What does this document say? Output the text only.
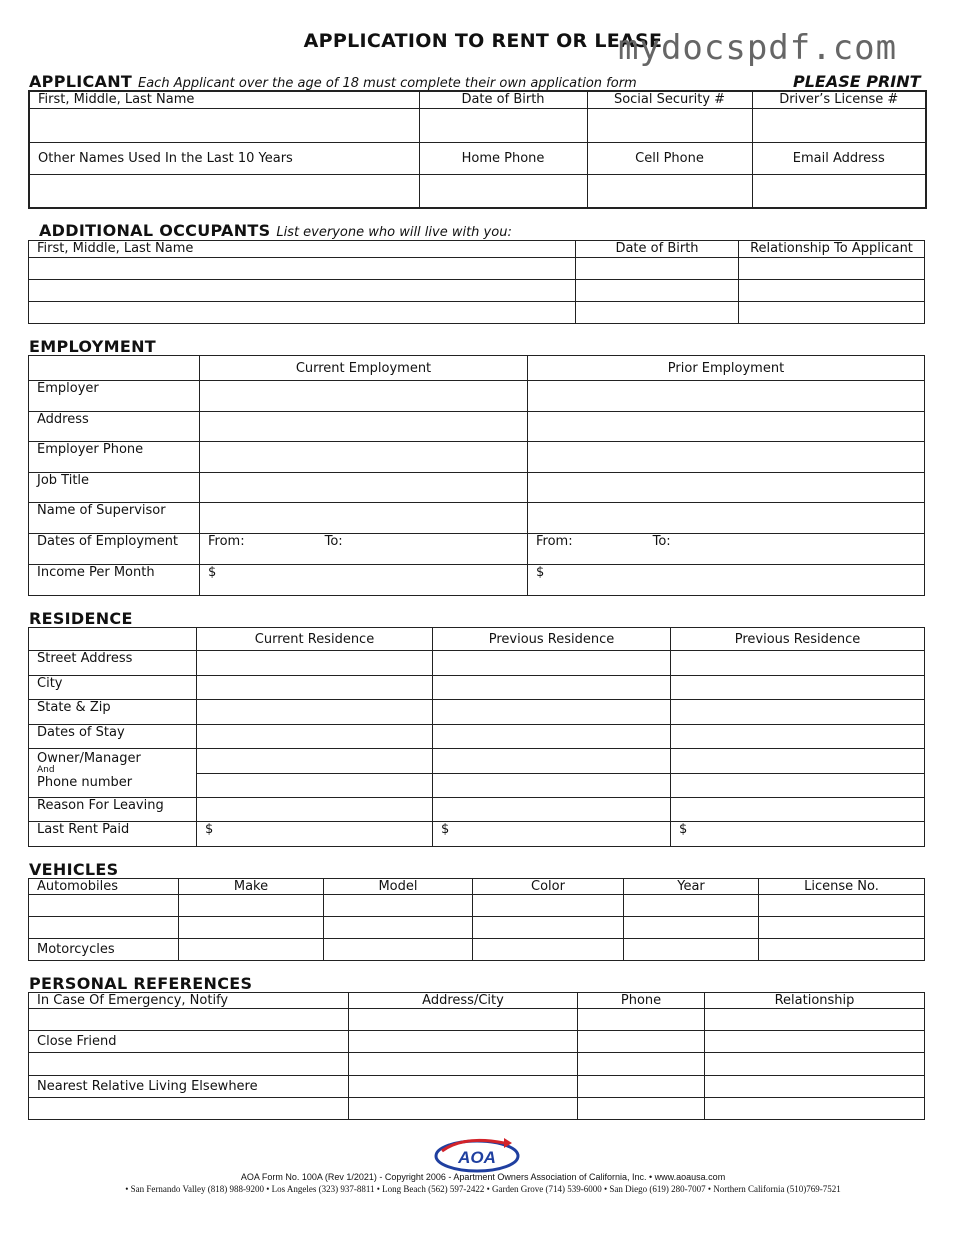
APPLICATION TO RENT OR LEASE
mydocspdf.com
APPLICANT Each Applicant over the age of 18 must complete their own application form	PLEASE PRINT
First, Middle, Last Name	Date of Birth	Social Security #	Driver’s License #

Other Names Used In the Last 10 Years	Home Phone	Cell Phone	Email Address

ADDITIONAL OCCUPANTS List everyone who will live with you:
First, Middle, Last Name	Date of Birth	Relationship To Applicant

EMPLOYMENT
	Current Employment	Prior Employment
Employer		
Address		
Employer Phone		
Job Title		
Name of Supervisor		
Dates of Employment	From: To:	From: To:
Income Per Month	$	$
RESIDENCE
	Current Residence	Previous Residence	Previous Residence
Street Address			
City			
State & Zip			
Dates of Stay			
Owner/Manager
And
Phone number			

Reason For Leaving			
Last Rent Paid	$	$	$
VEHICLES
Automobiles	Make	Model	Color	Year	License No.

Motorcycles					
PERSONAL REFERENCES
In Case Of Emergency, Notify	Address/City	Phone	Relationship

Close Friend			

Nearest Relative Living Elsewhere			

AOA
AOA Form No. 100A (Rev 1/2021) - Copyright 2006 - Apartment Owners Association of California, Inc. • www.aoausa.com
• San Fernando Valley (818) 988-9200 • Los Angeles (323) 937-8811 • Long Beach (562) 597-2422 • Garden Grove (714) 539-6000 • San Diego (619) 280-7007 • Northern California (510)769-7521
